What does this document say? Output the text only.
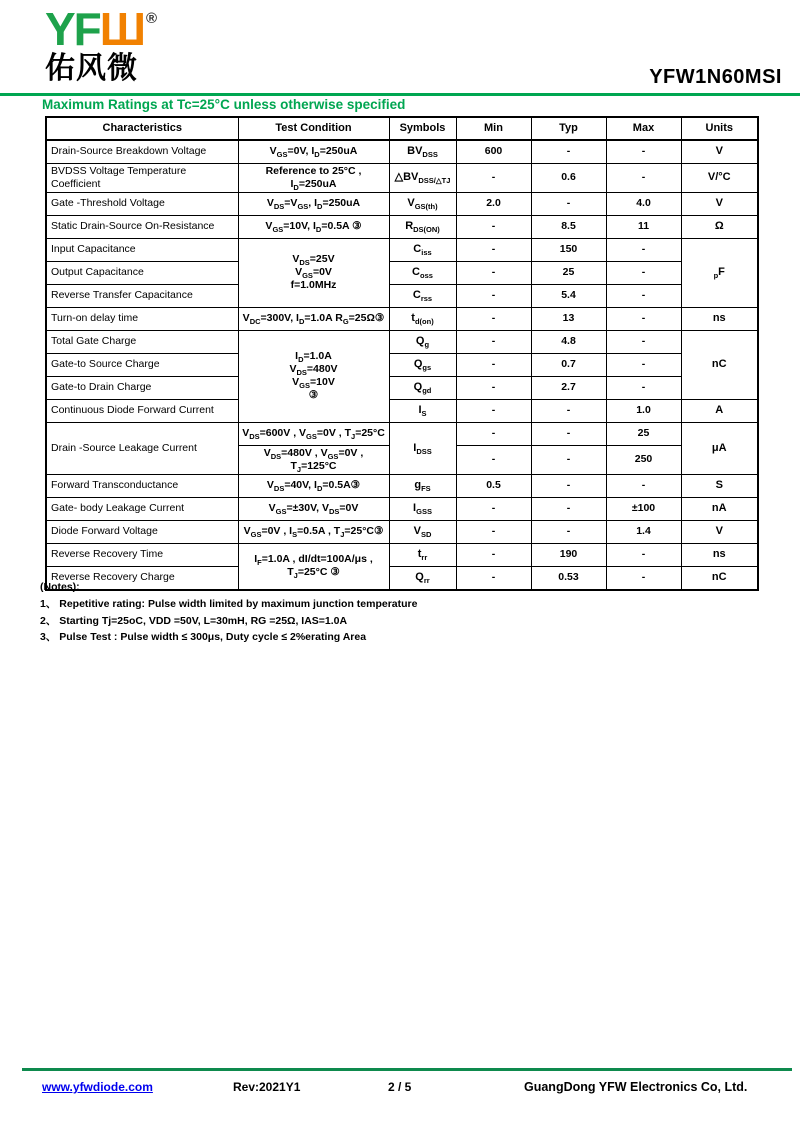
YFШ ®
佑风微	YFW1N60MSI
Maximum Ratings at Tc=25°C unless otherwise specified
Characteristics	Test Condition	Symbols	Min	Typ	Max	Units
Drain-Source Breakdown Voltage	$V_{GS}=0V$, $I_D=250uA$	$BV_{DSS}$	600	-	-	V
BVDSS Voltage Temperature
Coefficient	Reference to 25°C , $I_D=250uA$	$\triangle BV_{DSS/\triangle TJ}$	-	0.6	-	V/°C
Gate -Threshold Voltage	$V_{DS}=V_{GS}$, $I_D=250uA$	$V_{GS(th)}$	2.0	-	4.0	V
Static Drain-Source On-Resistance	$V_{GS}=10V$, $I_D=0.5A$ ③	$R_{DS(ON)}$	-	8.5	11	Ω
Input Capacitance	$V_{DS}=25V$
$V_{GS}=0V$
f=1.0MHz	$C_{iss}$	-	150	-	$_p$F
Output Capacitance		$C_{oss}$	-	25	-	
Reverse Transfer Capacitance		$C_{rss}$	-	5.4	-	
Turn-on delay time	$V_{DC}=300V$, $I_D=1.0A$ $R_G=25\Omega ③$	$t_{d(on)}$	-	13	-	ns
Total Gate Charge	$I_D=1.0A$
$V_{DS}=480V$
$V_{GS}=10V$
③	$Q_g$	-	4.8	-	nC
Gate-to Source Charge		$Q_{gs}$	-	0.7	-	
Gate-to Drain Charge		$Q_{gd}$	-	2.7	-	
Continuous Diode Forward Current		$I_S$	-	-	1.0	A
Drain -Source Leakage Current	$V_{DS}=600V$ , $V_{GS}=0V$ , $T_J=25^\circ C$	$I_{DSS}$	-	-	25	μA
	$V_{DS}=480V$ , $V_{GS}=0V$ , $T_J=125^\circ C$		-	-	250	
Forward Transconductance	$V_{DS}=40V$, $I_D=0.5A③$	$g_{FS}$	0.5	-	-	S
Gate- body Leakage Current	$V_{GS}=\pm 30V$, $V_{DS}=0V$	$I_{GSS}$	-	-	±100	nA
Diode Forward Voltage	$V_{GS}=0V$ , $I_S=0.5A$ , $T_J=25^\circ C③$	$V_{SD}$	-	-	1.4	V
Reverse Recovery Time	$I_F=1.0A$ , dI/dt=100A/μs ,
$T_J=25^\circ C$ ③	$t_{rr}$	-	190	-	ns
Reverse Recovery Charge		$Q_{rr}$	-	0.53	-	nC
(Notes):
1、 Repetitive rating: Pulse width limited by maximum junction temperature
2、 Starting Tj=25oC, VDD =50V, L=30mH, RG =25Ω, IAS=1.0A
3、 Pulse Test : Pulse width ≤ 300μs, Duty cycle ≤ 2%erating Area
www.yfwdiode.com	Rev:2021Y1	2 / 5	GuangDong YFW Electronics Co, Ltd.
